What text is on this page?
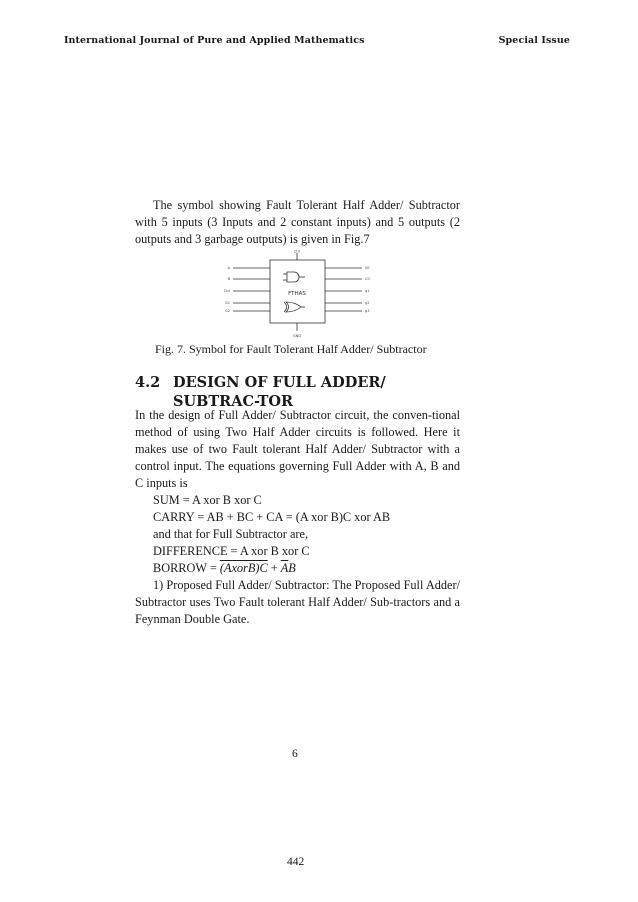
International Journal of Pure and Applied Mathematics	Special Issue
The symbol showing Fault Tolerant Half Adder/ Subtractor with 5 inputs (3 Inputs and 2 constant inputs) and 5 outputs (2 outputs and 3 garbage outputs) is given in Fig.7
FTHAS
Ctrl
GND
A
B
Ctrl
G1
G2
S0
C0
g1
g2
g3
Fig. 7. Symbol for Fault Tolerant Half Adder/ Subtractor
4.2 DESIGN OF FULL ADDER/ SUBTRAC-TOR
In the design of Full Adder/ Subtractor circuit, the conven-tional method of using Two Half Adder circuits is followed. Here it makes use of two Fault tolerant Half Adder/ Subtractor with a control input. The equations governing Full Adder with A, B and C inputs is
SUM = A xor B xor C
CARRY = AB + BC + CA = (A xor B)C xor AB
and that for Full Subtractor are,
DIFFERENCE = A xor B xor C
BORROW = (AxorB)C + $\overline{A}B$
1) Proposed Full Adder/ Subtractor: The Proposed Full Adder/ Subtractor uses Two Fault tolerant Half Adder/ Sub-tractors and a Feynman Double Gate.
6
442
